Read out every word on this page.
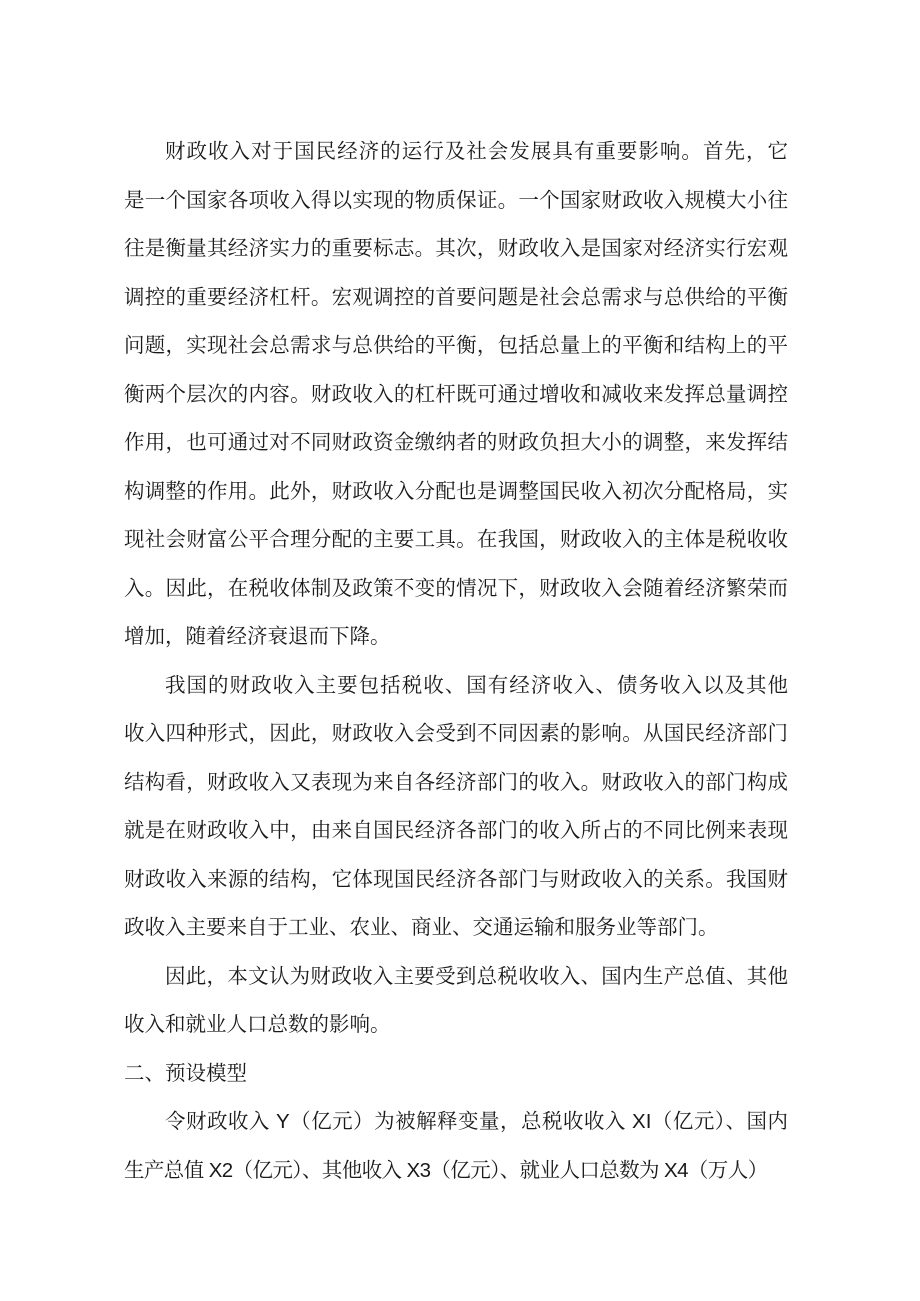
财政收入对于国民经济的运行及社会发展具有重要影响。首先，它
是一个国家各项收入得以实现的物质保证。一个国家财政收入规模大小往
往是衡量其经济实力的重要标志。其次，财政收入是国家对经济实行宏观
调控的重要经济杠杆。宏观调控的首要问题是社会总需求与总供给的平衡
问题，实现社会总需求与总供给的平衡，包括总量上的平衡和结构上的平
衡两个层次的内容。财政收入的杠杆既可通过增收和减收来发挥总量调控
作用，也可通过对不同财政资金缴纳者的财政负担大小的调整，来发挥结
构调整的作用。此外，财政收入分配也是调整国民收入初次分配格局，实
现社会财富公平合理分配的主要工具。在我国，财政收入的主体是税收收
入。因此，在税收体制及政策不变的情况下，财政收入会随着经济繁荣而
增加，随着经济衰退而下降。
我国的财政收入主要包括税收、国有经济收入、债务收入以及其他
收入四种形式，因此，财政收入会受到不同因素的影响。从国民经济部门
结构看，财政收入又表现为来自各经济部门的收入。财政收入的部门构成
就是在财政收入中，由来自国民经济各部门的收入所占的不同比例来表现
财政收入来源的结构，它体现国民经济各部门与财政收入的关系。我国财
政收入主要来自于工业、农业、商业、交通运输和服务业等部门。
因此，本文认为财政收入主要受到总税收收入、国内生产总值、其他
收入和就业人口总数的影响。
二、预设模型
令财政收入 Y（亿元）为被解释变量，总税收收入 XI（亿元）、国内
生产总值 X2（亿元）、其他收入 X3（亿元）、就业人口总数为 X4（万人）
